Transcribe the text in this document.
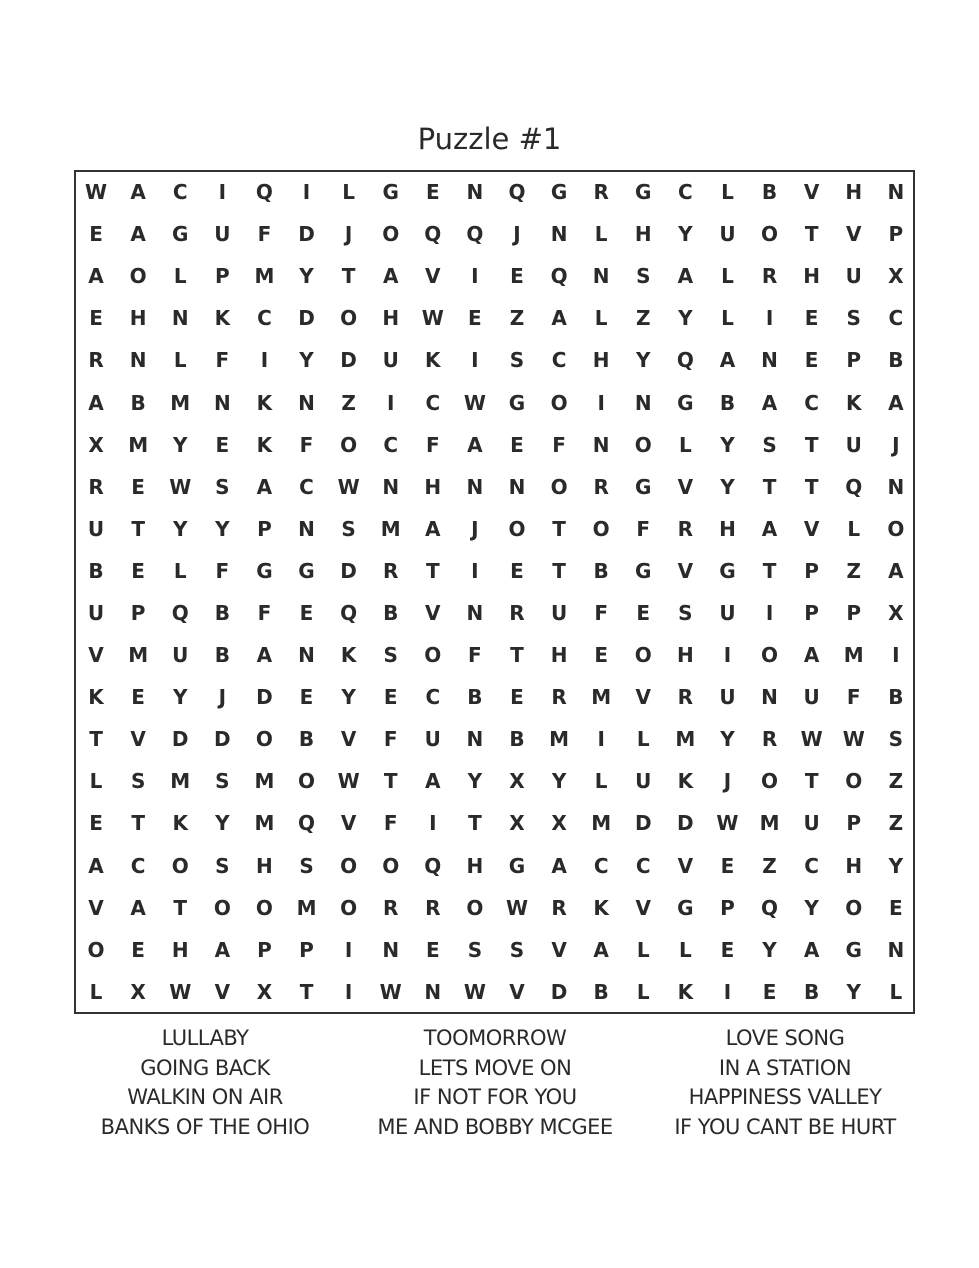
Puzzle #1
W	A	C	I	Q	I	L	G	E	N	Q	G	R	G	C	L	B	V	H	N
E	A	G	U	F	D	J	O	Q	Q	J	N	L	H	Y	U	O	T	V	P
A	O	L	P	M	Y	T	A	V	I	E	Q	N	S	A	L	R	H	U	X
E	H	N	K	C	D	O	H	W	E	Z	A	L	Z	Y	L	I	E	S	C
R	N	L	F	I	Y	D	U	K	I	S	C	H	Y	Q	A	N	E	P	B
A	B	M	N	K	N	Z	I	C	W	G	O	I	N	G	B	A	C	K	A
X	M	Y	E	K	F	O	C	F	A	E	F	N	O	L	Y	S	T	U	J
R	E	W	S	A	C	W	N	H	N	N	O	R	G	V	Y	T	T	Q	N
U	T	Y	Y	P	N	S	M	A	J	O	T	O	F	R	H	A	V	L	O
B	E	L	F	G	G	D	R	T	I	E	T	B	G	V	G	T	P	Z	A
U	P	Q	B	F	E	Q	B	V	N	R	U	F	E	S	U	I	P	P	X
V	M	U	B	A	N	K	S	O	F	T	H	E	O	H	I	O	A	M	I
K	E	Y	J	D	E	Y	E	C	B	E	R	M	V	R	U	N	U	F	B
T	V	D	D	O	B	V	F	U	N	B	M	I	L	M	Y	R	W	W	S
L	S	M	S	M	O	W	T	A	Y	X	Y	L	U	K	J	O	T	O	Z
E	T	K	Y	M	Q	V	F	I	T	X	X	M	D	D	W	M	U	P	Z
A	C	O	S	H	S	O	O	Q	H	G	A	C	C	V	E	Z	C	H	Y
V	A	T	O	O	M	O	R	R	O	W	R	K	V	G	P	Q	Y	O	E
O	E	H	A	P	P	I	N	E	S	S	V	A	L	L	E	Y	A	G	N
L	X	W	V	X	T	I	W	N	W	V	D	B	L	K	I	E	B	Y	L
LULLABY
GOING BACK
WALKIN ON AIR
BANKS OF THE OHIO
TOOMORROW
LETS MOVE ON
IF NOT FOR YOU
ME AND BOBBY MCGEE
LOVE SONG
IN A STATION
HAPPINESS VALLEY
IF YOU CANT BE HURT
